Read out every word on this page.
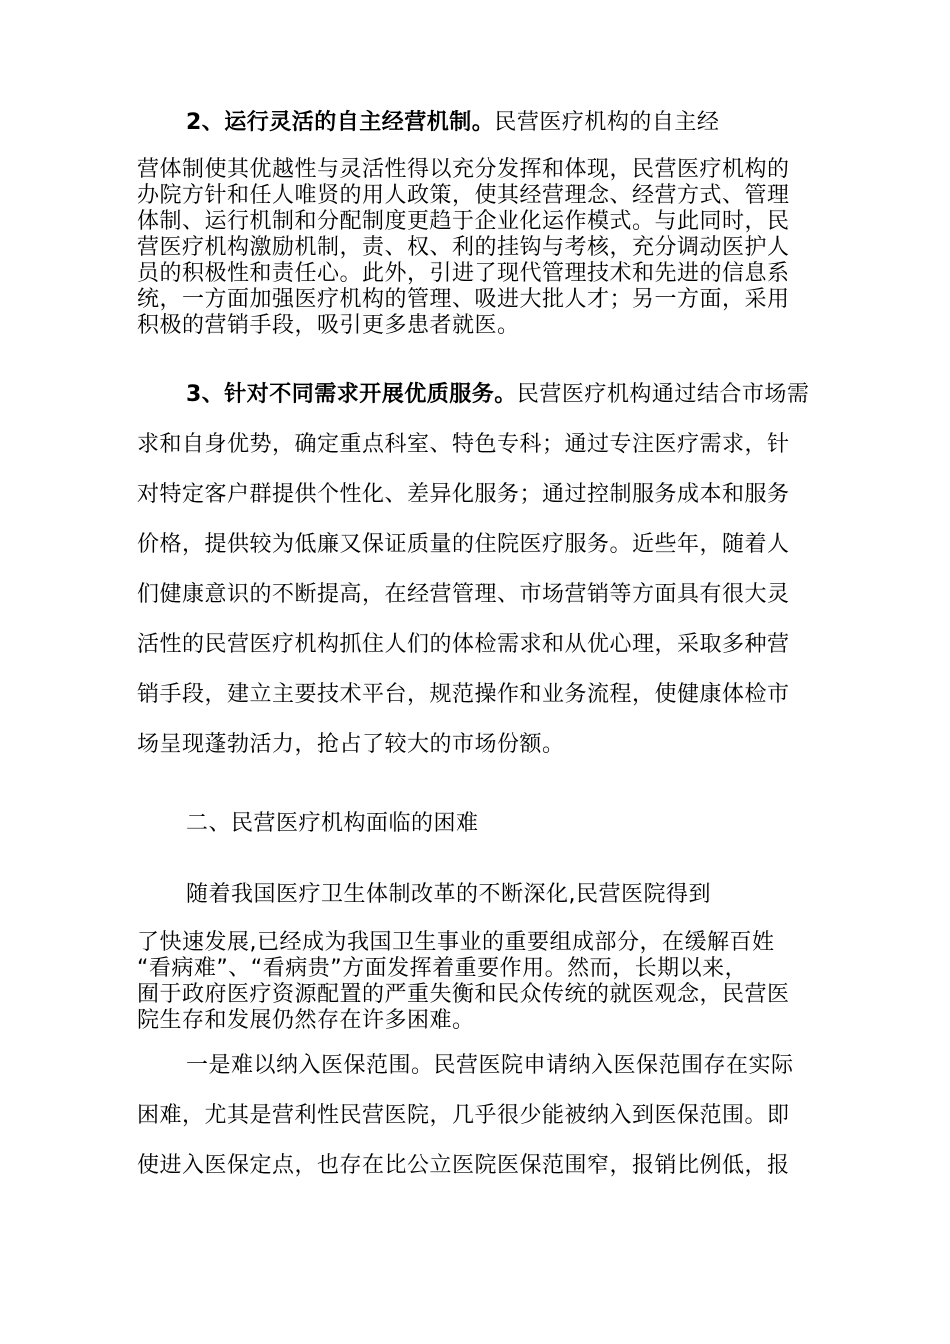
2、运行灵活的自主经营机制。民营医疗机构的自主经
营体制使其优越性与灵活性得以充分发挥和体现，民营医疗机构的
办院方针和任人唯贤的用人政策，使其经营理念、经营方式、管理
体制、运行机制和分配制度更趋于企业化运作模式。与此同时，民
营医疗机构激励机制，责、权、利的挂钩与考核，充分调动医护人
员的积极性和责任心。此外，引进了现代管理技术和先进的信息系
统，一方面加强医疗机构的管理、吸进大批人才；另一方面，采用
积极的营销手段，吸引更多患者就医。
3、针对不同需求开展优质服务。民营医疗机构通过结合市场需
求和自身优势，确定重点科室、特色专科；通过专注医疗需求，针
对特定客户群提供个性化、差异化服务；通过控制服务成本和服务
价格，提供较为低廉又保证质量的住院医疗服务。近些年，随着人
们健康意识的不断提高，在经营管理、市场营销等方面具有很大灵
活性的民营医疗机构抓住人们的体检需求和从优心理，采取多种营
销手段，建立主要技术平台，规范操作和业务流程，使健康体检市
场呈现蓬勃活力，抢占了较大的市场份额。
二、民营医疗机构面临的困难
随着我国医疗卫生体制改革的不断深化,民营医院得到
了快速发展,已经成为我国卫生事业的重要组成部分，在缓解百姓
“看病难”、“看病贵”方面发挥着重要作用。然而，长期以来，
囿于政府医疗资源配置的严重失衡和民众传统的就医观念，民营医
院生存和发展仍然存在许多困难。
一是难以纳入医保范围。民营医院申请纳入医保范围存在实际
困难，尤其是营利性民营医院，几乎很少能被纳入到医保范围。即
使进入医保定点，也存在比公立医院医保范围窄，报销比例低，报
